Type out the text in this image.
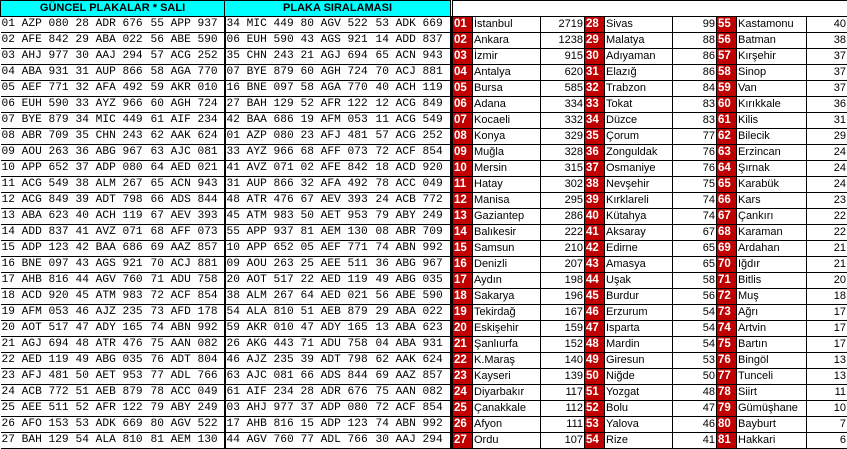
GÜNCEL PLAKALAR * SALI			PLAKA SIRALAMASI		
01 AZP 080	28 ADR 676	55 APP 937	34 MIC 449	80 AGV 522	53 ADK 669
02 AFE 842	29 ABA 022	56 ABE 590	06 EUH 590	43 AGS 921	14 ADD 837
03 AHJ 977	30 AAJ 294	57 ACG 252	35 CHN 243	21 AGJ 694	65 ACN 943
04 ABA 931	31 AUP 866	58 AGA 770	07 BYE 879	60 AGH 724	70 ACJ 881
05 AEF 771	32 AFA 492	59 AKR 010	16 BNE 097	58 AGA 770	40 ACH 119
06 EUH 590	33 AYZ 966	60 AGH 724	27 BAH 129	52 AFR 122	12 ACG 849
07 BYE 879	34 MIC 449	61 AIF 234	42 BAA 686	19 AFM 053	11 ACG 549
08 ABR 709	35 CHN 243	62 AAK 624	01 AZP 080	23 AFJ 481	57 ACG 252
09 AOU 263	36 ABG 967	63 AJC 081	33 AYZ 966	68 AFF 073	72 ACF 854
10 APP 652	37 ADP 080	64 AED 021	41 AVZ 071	02 AFE 842	18 ACD 920
11 ACG 549	38 ALM 267	65 ACN 943	31 AUP 866	32 AFA 492	78 ACC 049
12 ACG 849	39 ADT 798	66 ADS 844	48 ATR 476	67 AEV 393	24 ACB 772
13 ABA 623	40 ACH 119	67 AEV 393	45 ATM 983	50 AET 953	79 ABY 249
14 ADD 837	41 AVZ 071	68 AFF 073	55 APP 937	81 AEM 130	08 ABR 709
15 ADP 123	42 BAA 686	69 AAZ 857	10 APP 652	05 AEF 771	74 ABN 992
16 BNE 097	43 AGS 921	70 ACJ 881	09 AOU 263	25 AEE 511	36 ABG 967
17 AHB 816	44 AGV 760	71 ADU 758	20 AOT 517	22 AED 119	49 ABG 035
18 ACD 920	45 ATM 983	72 ACF 854	38 ALM 267	64 AED 021	56 ABE 590
19 AFM 053	46 AJZ 235	73 AFD 178	54 ALA 810	51 AEB 879	29 ABA 022
20 AOT 517	47 ADY 165	74 ABN 992	59 AKR 010	47 ADY 165	13 ABA 623
21 AGJ 694	48 ATR 476	75 AAN 082	26 AKG 443	71 ADU 758	04 ABA 931
22 AED 119	49 ABG 035	76 ADT 804	46 AJZ 235	39 ADT 798	62 AAK 624
23 AFJ 481	50 AET 953	77 ADL 766	63 AJC 081	66 ADS 844	69 AAZ 857
24 ACB 772	51 AEB 879	78 ACC 049	61 AIF 234	28 ADR 676	75 AAN 082
25 AEE 511	52 AFR 122	79 ABY 249	03 AHJ 977	37 ADP 080	72 ACF 854
26 AFO 153	53 ADK 669	80 AGV 522	17 AHB 816	15 ADP 123	74 ABN 992
27 BAH 129	54 ALA 810	81 AEM 130	44 AGV 760	77 ADL 766	30 AAJ 294

01	İstanbul	2719	28	Sivas	99	55	Kastamonu	40
02	Ankara	1238	29	Malatya	88	56	Batman	38
03	İzmir	915	30	Adıyaman	86	57	Kırşehir	37
04	Antalya	620	31	Elazığ	86	58	Sinop	37
05	Bursa	585	32	Trabzon	84	59	Van	37
06	Adana	334	33	Tokat	83	60	Kırıkkale	36
07	Kocaeli	332	34	Düzce	83	61	Kilis	31
08	Konya	329	35	Çorum	77	62	Bilecik	29
09	Muğla	328	36	Zonguldak	76	63	Erzincan	24
10	Mersin	315	37	Osmaniye	76	64	Şırnak	24
11	Hatay	302	38	Nevşehir	75	65	Karabük	24
12	Manisa	295	39	Kırklareli	74	66	Kars	23
13	Gaziantep	286	40	Kütahya	74	67	Çankırı	22
14	Balıkesir	222	41	Aksaray	67	68	Karaman	22
15	Samsun	210	42	Edirne	65	69	Ardahan	21
16	Denizli	207	43	Amasya	65	70	Iğdır	21
17	Aydın	198	44	Uşak	58	71	Bitlis	20
18	Sakarya	196	45	Burdur	56	72	Muş	18
19	Tekirdağ	167	46	Erzurum	54	73	Ağrı	17
20	Eskişehir	159	47	Isparta	54	74	Artvin	17
21	Şanlıurfa	152	48	Mardin	54	75	Bartın	17
22	K.Maraş	140	49	Giresun	53	76	Bingöl	13
23	Kayseri	139	50	Niğde	50	77	Tunceli	13
24	Diyarbakır	117	51	Yozgat	48	78	Siirt	11
25	Çanakkale	112	52	Bolu	47	79	Gümüşhane	10
26	Afyon	111	53	Yalova	46	80	Bayburt	7
27	Ordu	107	54	Rize	41	81	Hakkari	6
